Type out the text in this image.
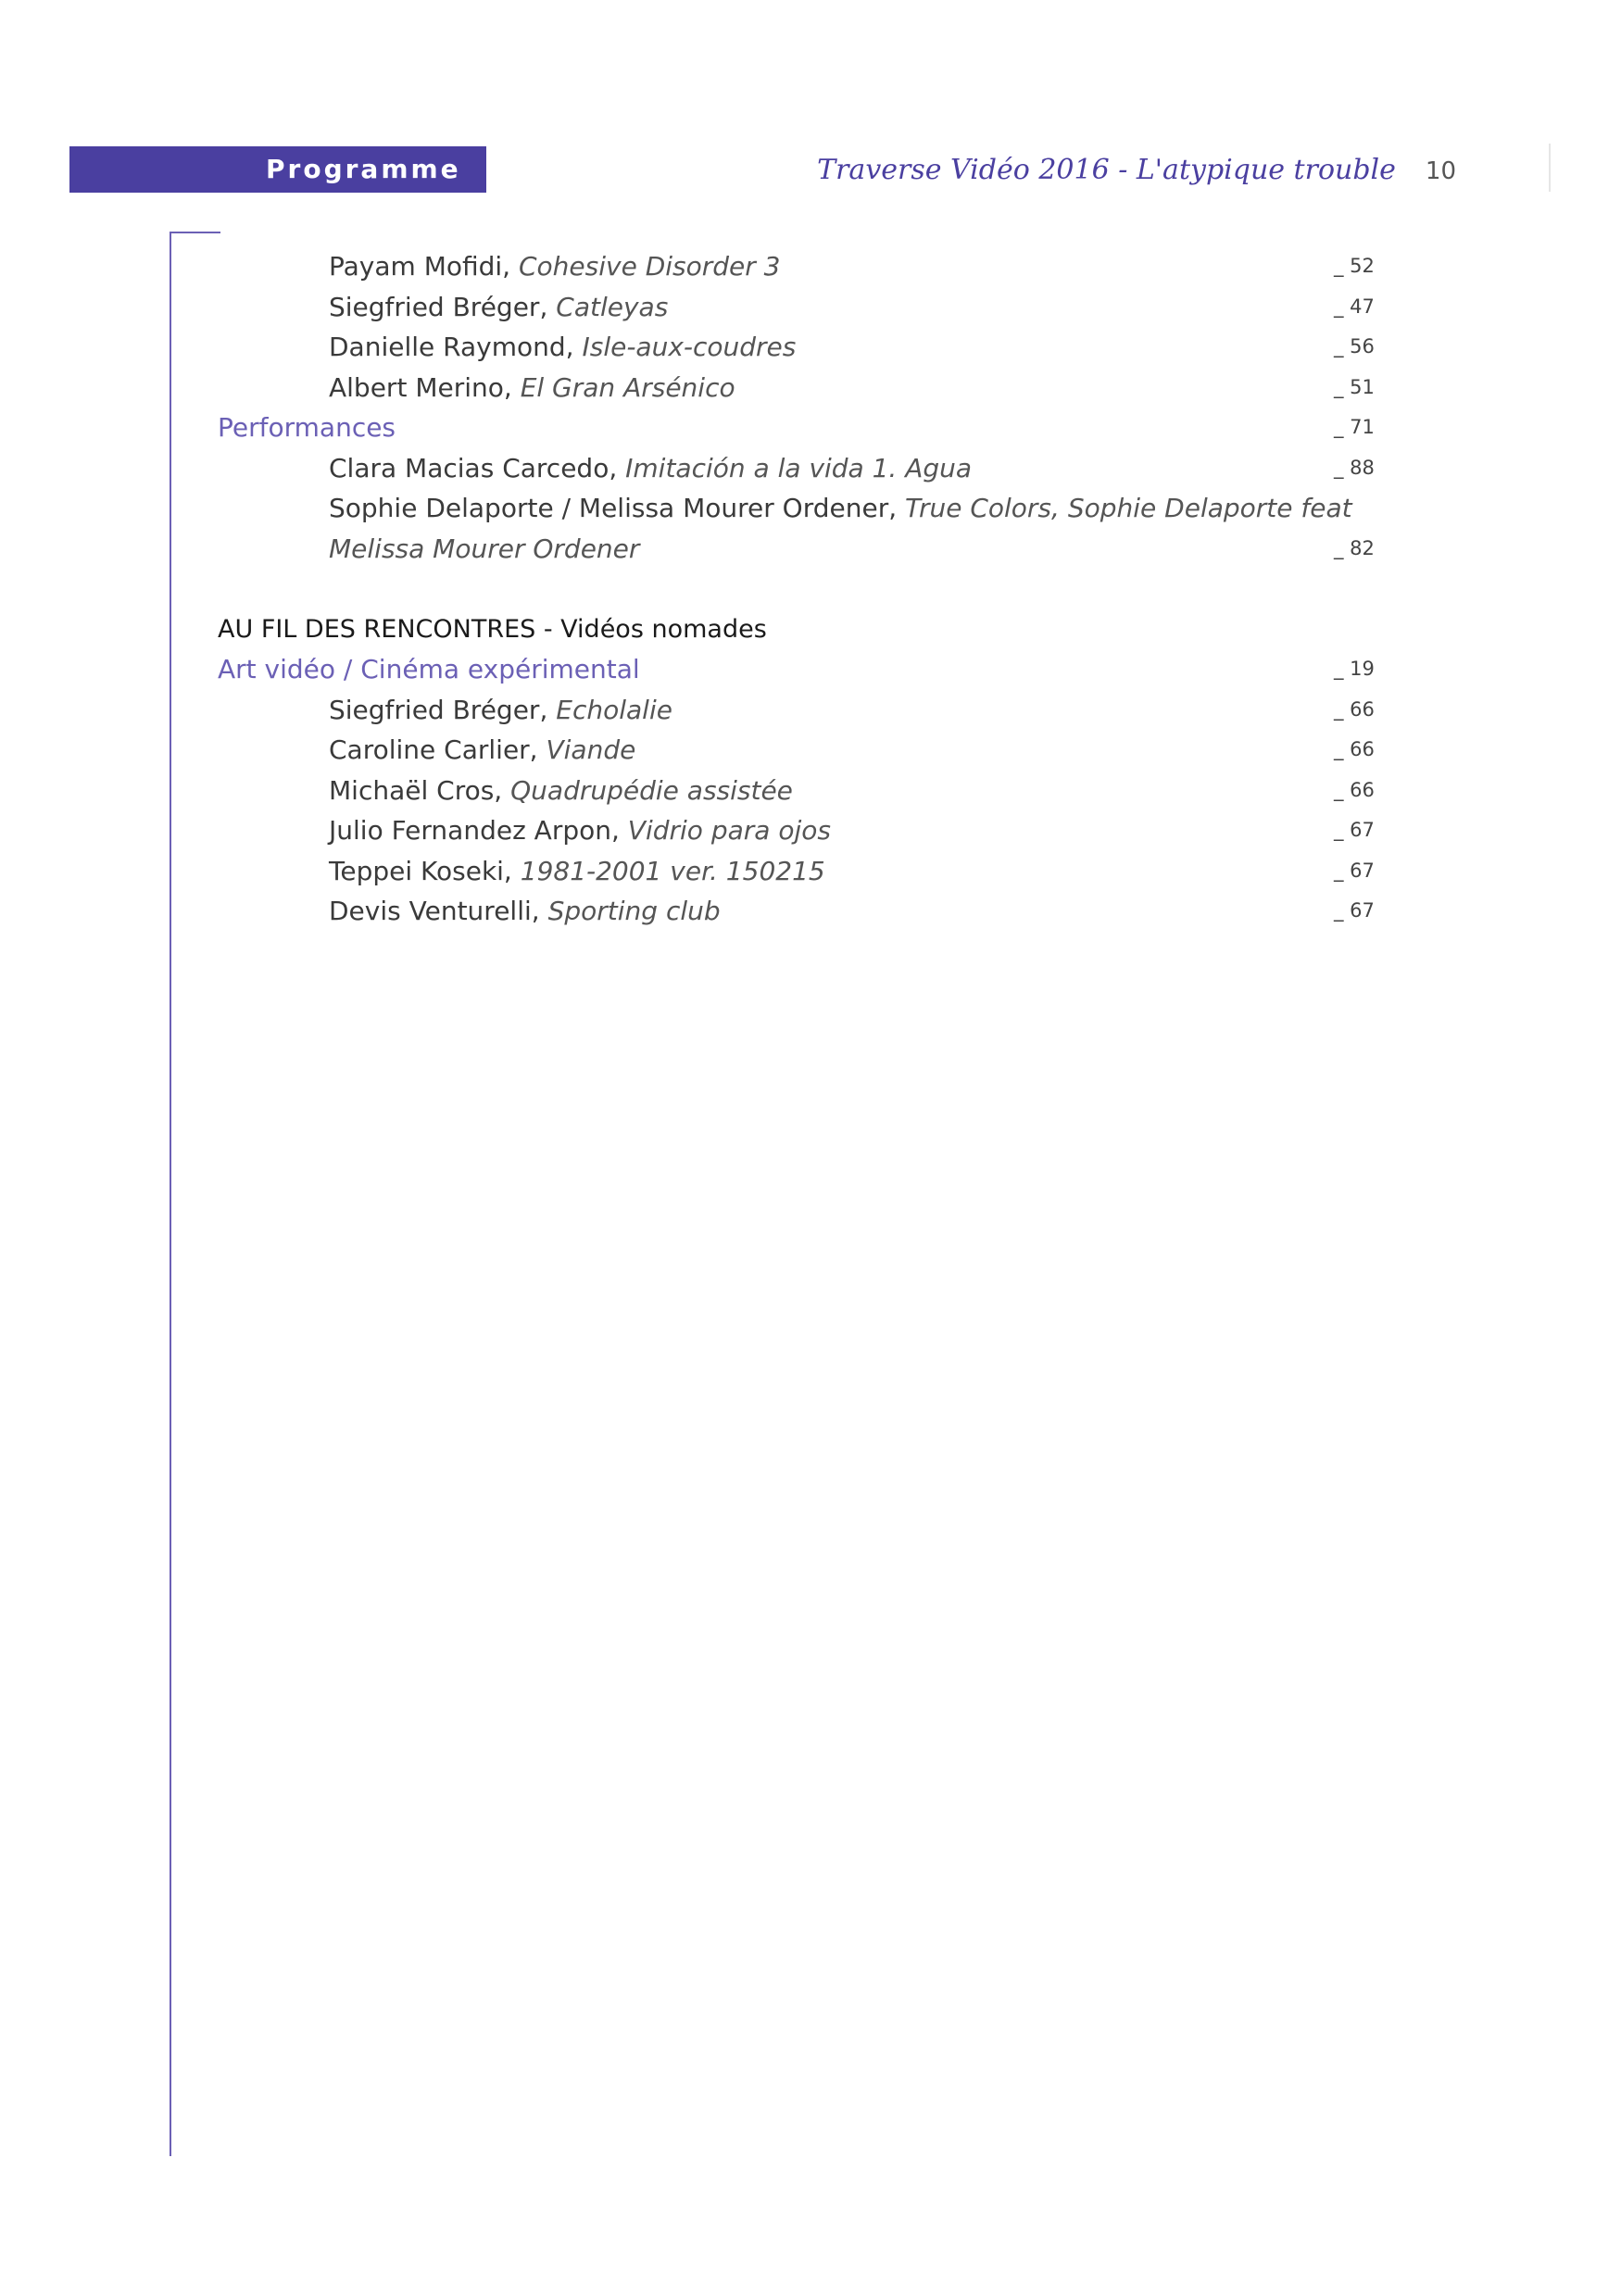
Programme	Traverse Vidéo 2016 - L'atypique trouble 10
Payam Mofidi, Cohesive Disorder 3	_ 52
Siegfried Bréger, Catleyas	_ 47
Danielle Raymond, Isle-aux-coudres	_ 56
Albert Merino, El Gran Arsénico	_ 51
Performances	_ 71
Clara Macias Carcedo, Imitación a la vida 1. Agua	_ 88
Sophie Delaporte / Melissa Mourer Ordener, True Colors, Sophie Delaporte feat
Melissa Mourer Ordener	_ 82
AU FIL DES RENCONTRES - Vidéos nomades
Art vidéo / Cinéma expérimental	_ 19
Siegfried Bréger, Echolalie	_ 66
Caroline Carlier, Viande	_ 66
Michaël Cros, Quadrupédie assistée	_ 66
Julio Fernandez Arpon, Vidrio para ojos	_ 67
Teppei Koseki, 1981-2001 ver. 150215	_ 67
Devis Venturelli, Sporting club	_ 67
